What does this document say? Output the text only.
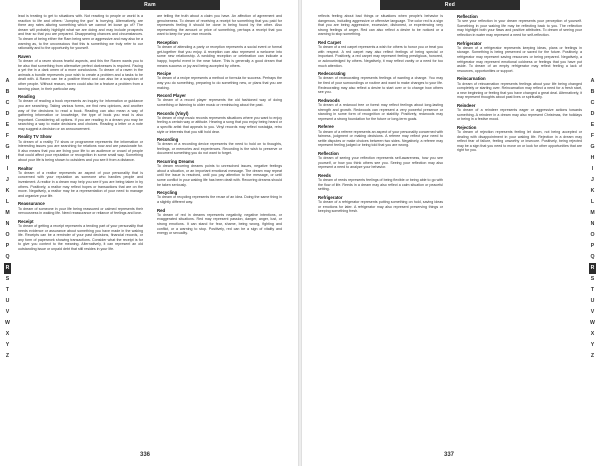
Ram
A
B
C
D
E
F
G
H
I
J
K
L
M
N
O
P
Q
R
S
T
U
V
W
X
Y
Z
lead is treating to get to situations with. Not reacting to people or world is a reaction to life and others: 'Jumping the gun' is hurrying. Alternatively, are there any rates alluring something which we cannot let loose go of? The dream will probably highlight what we are doing and may include prospects and fear so that you are prepared. Disappearing chances and circumstances. To dream of being either the Ram being seen or aggressive and may also be a warning as, to the unconscious that this is something we truly refer to our rationality and to the opportunity for yourself.
Raven
To dream of a raven shows fearful aspects, and this the Raven wants you to be also that something from alternative perfect darknesses is required. Facing a yet the in a dark omen of a more conclusions. To dream of a raven in the animals a bundle represents your wish to create a problem and a tasks to be dealt with. A Raven can be a positive friend and can also be a suspicion of other people. Without reason, raven could also be a feature a problem from a tanning place, in their particular way.
Reading
To dream of reading a book represents an inquiry for information or guidance you are searching. Taking various forms, we find new opinions, and another way of the decisions to read a book. Reading can also mean a way of gathering information or knowledge, the type of book you read is also important. Considering all options. If you are reading in a dream you may be searching a way to make decisions and choices. Reading a letter or a note may suggest a decision or an announcement.
Reality TV Show
To dream of a reality TV show or programme represents the information or interesting issues you are searching for relations now and are passionate for. It also means that you are living your life to an audience or crowd of people that could affect your reputation or recognition in some small way. Something about your life is being shown to outsiders and you see it from a distance.
Realtor
To dream of a realtor represents an aspect of your personality that is concerned with your reputation as someone who handles people and investment. A realtor in a dream may help you see if you are being taken in by others. Positively, a realtor may reflect hopes or transactions that are on the move. Negatively, a realtor may be a representation of your need to manage and organize your life.
Reassurance
To dream of someone in your life being reassured or calmed represents their nervousness in waking life. Need reassurance or reliance of feelings and love.
Receipt
To dream of getting a receipt represents a tending part of your personality that needs evidence or assurance about something you have made in the waking life. Receipts can be a reminder of your past decisions, financial records, or any form of paperwork showing transactions. Consider what the receipt is for to give you context to the meaning. Alternatively, it can represent an old outstanding issue or unpaid debt that still resides in your life.
are telling the truth about a claim you have. An affection of agreement and genuineness. To dream of receiving a receipt for something that you paid for represents feeling it should be done in being found by the other. Also representing the amount or price of something, perhaps a receipt that you want to keep for your own records.
Reception
To dream of attending a party or reception represents a social event or formal get-together that you enjoy. A reception can also represent a welcome into some new relationship. A wedding reception or celebration can indicate a happy, hopeful event in the near future. This is generally a good dream that means success or joy and being accepted by others.
Recipe
To dream of a recipe represents a method or formula for success. Perhaps the way you do something, preparing to do something new, or plans that you are making.
Record Player
To dream of a record player represents the old fashioned way of doing something or listening to older music or reminiscing about the past.
Records (Vinyl)
To dream of vinyl music records represents situations where you want to enjoy feeling a certain way or attitude. Hearing a song that you enjoy being heard or a specific artist that appeals to you. Vinyl records may reflect nostalgia, retro style or interests that you still hold dear.
Recording
To dream of a recording device represents the need to hold on to thoughts, feelings, or memories and experiences. Recording is the wish to preserve or document something you do not want to forget.
Recurring Dreams
To dream recurring dreams points to unresolved issues, negative feelings about a situation, or an important emotional message. The dream may repeat until the issue is resolved, until you pay attention to the message, or until some conflict in your waking life has been dealt with. Recurring dreams should be taken seriously.
Recycling
To dream of recycling represents the reuse of an idea. Doing the same thing in a slightly different way.
Red
To dream of red in dreams represents negativity, negative intentions, or exaggerated situations. Red may represent passion, danger, anger, lust, or strong emotions. It can stand for fear, shame, being wrong, fighting and conflict, or a warning to stop. Positively, red can be a sign of vitality and energy or sexuality.
336
Red
A
B
C
D
E
F
G
H
I
J
K
L
M
N
O
P
Q
R
S
T
U
V
W
X
Y
Z
reflects feeling about bad things or situations when people's behavior is dangerous, including aggressive or offensive language. The color red is a sign that you are being aggressive, excessive, dishonest, or experiencing very strong feelings of anger. Red can also reflect a desire to be noticed or a warning to stop something.
Red Carpet
To dream of a red carpet represents a wish for others to honor you or treat you with respect. A red carpet may also reflect feelings of being special or important. Positively, a red carpet may represent feeling prestigious, honored, or acknowledged by others. Negatively, it may reflect vanity or a need for too much attention.
Redecorating
To dream of redecorating represents feelings of wanting a change. You may be tired of your surroundings or routine and want to make changes to your life. Redecorating may also reflect a desire to start over or to change how others see you.
Redwoods
To dream of a redwood tree or forest may reflect feelings about long-lasting strength and growth. Redwoods can represent a very powerful presence or standing in some form of recognition or stability. Positively, redwoods may represent a strong foundation for the future or long-term goals.
Referee
To dream of a referee represents an aspect of your personality concerned with fairness, judgment or making decisions. A referee may reflect your need to settle disputes or make choices between two sides. Negatively, a referee may represent feeling judged or being told that you are wrong.
Reflection
To dream of seeing your reflection represents self-awareness, how you see yourself, or how you think others see you. Seeing your reflection may also represent a need to analyze your behavior.
Reeds
To dream of reeds represents feelings of being flexible or being able to go with the flow of life. Reeds in a dream may also reflect a calm situation or peaceful setting.
Refrigerator
To dream of a refrigerator represents putting something on hold, saving ideas or emotions for later. A refrigerator may also represent preserving things or keeping something fresh.
Reflection
To see your reflection in your dream represents your perception of yourself. Something in your waking life may be reflecting back to you. The reflection may highlight both your flaws and positive attributes. To dream of seeing your reflection in water may represent a need for self-reflection.
Refrigerator
To dream of a refrigerator represents keeping ideas, plans or feelings in storage. Something is being preserved or saved for the future. Positively, a refrigerator may represent saving resources or being prepared. Negatively, a refrigerator may represent emotional coldness or feelings that you have put aside. To dream of an empty refrigerator may reflect feeling a lack of resources, opportunities or support.
Reincarnation
To dream of reincarnation represents feelings about your life being changed completely or starting over. Reincarnation may reflect a need for a fresh start, a new beginning or feeling that you have changed a great deal. Alternatively, it may represent thoughts about past lives or spirituality.
Reindeer
To dream of a reindeer represents eager or aggressive actions towards something. A reindeer in a dream may also represent Christmas, the holidays or being in a festive mood.
Rejection
To dream of rejection represents feeling let down, not being accepted or dealing with disappointment in your waking life. Rejection in a dream may reflect fear of failure, feeling unworthy or insecure. Positively, being rejected may be a sign that you need to move on or look for other opportunities that are right for you.
337
